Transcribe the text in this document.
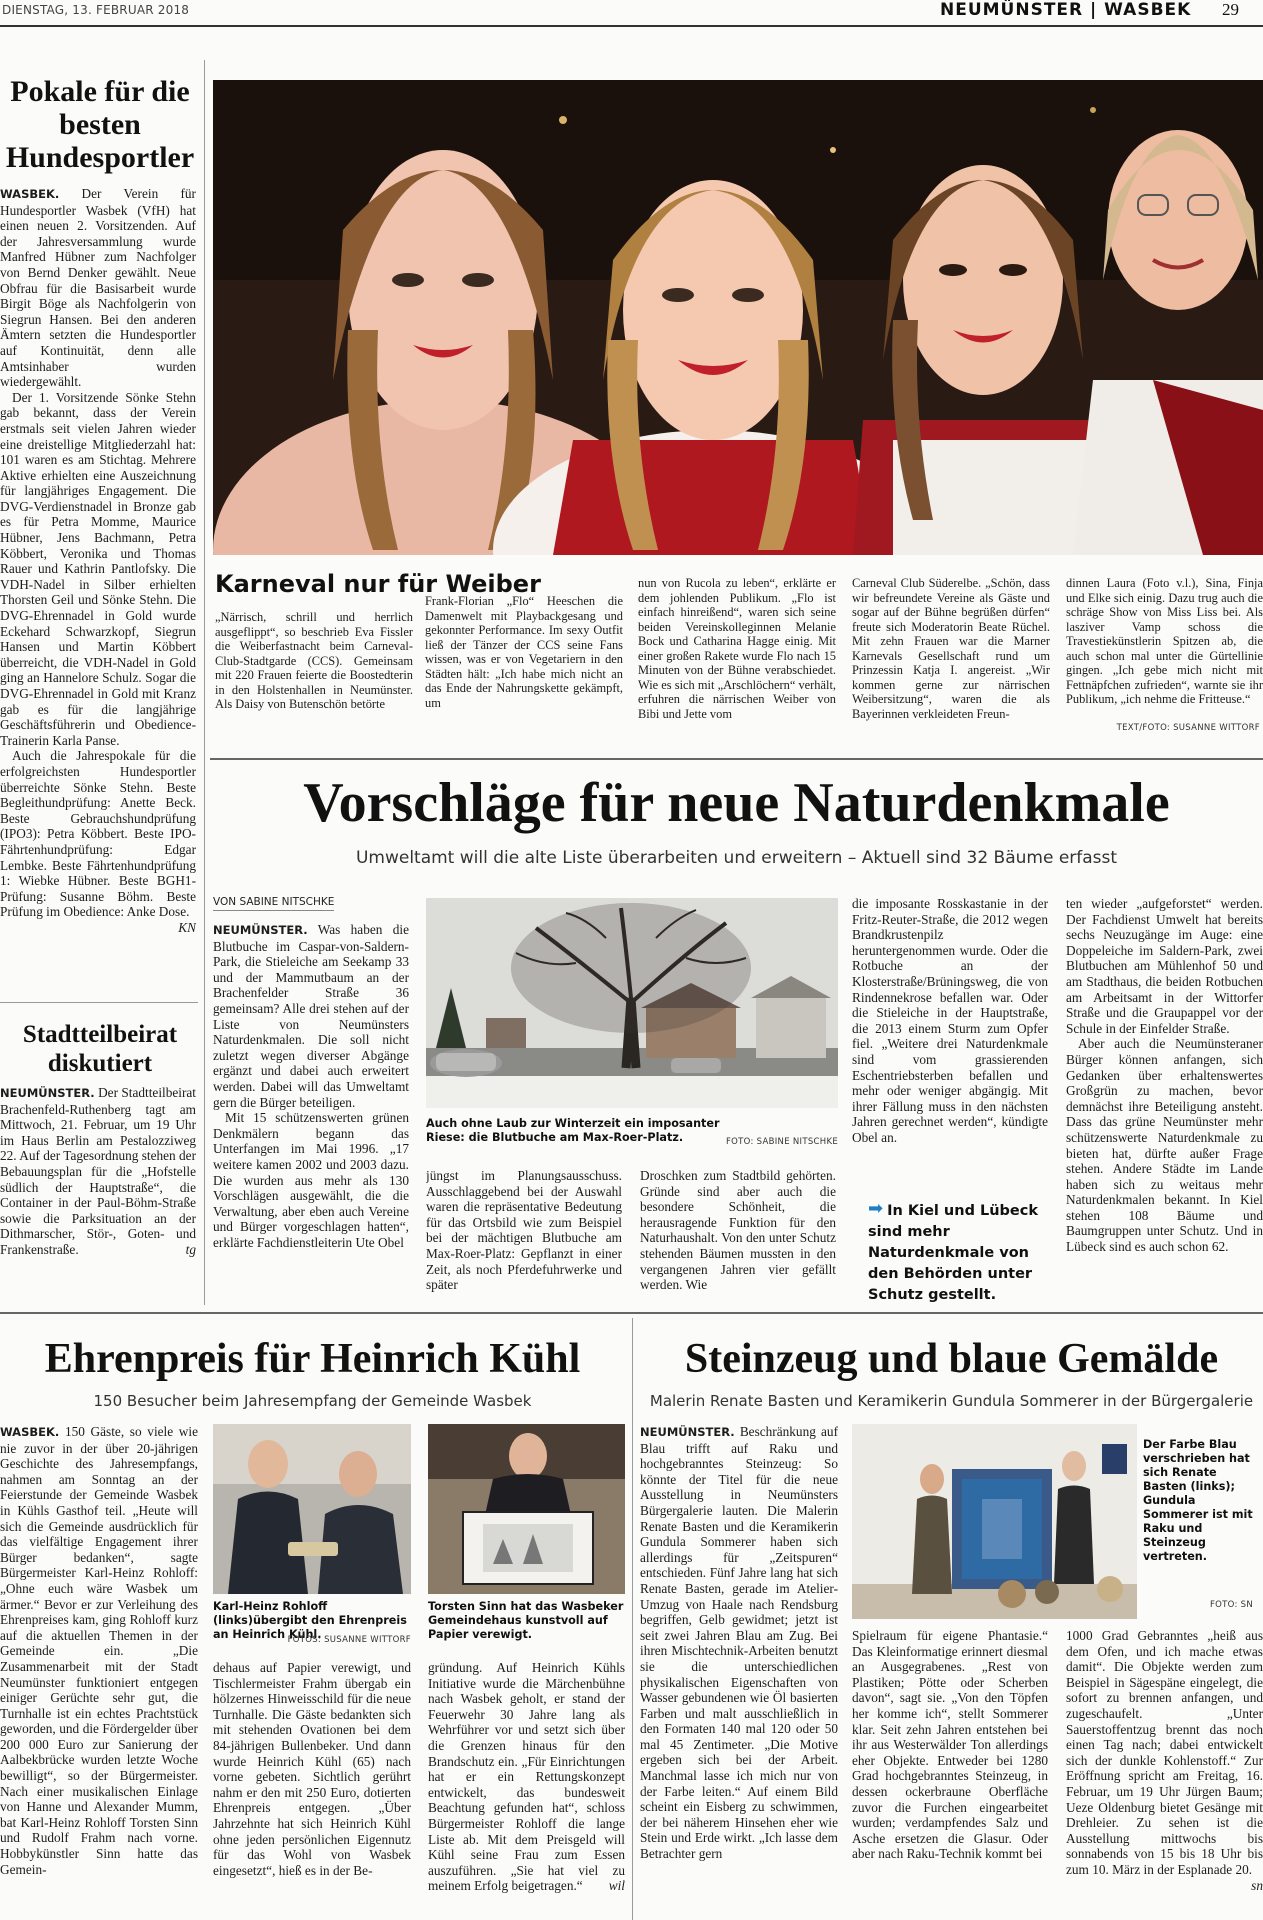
DIENSTAG, 13. FEBRUAR 2018	NEUMÜNSTER | WASBEK 29
Pokale für die besten Hundesportler

WASBEK. Der Verein für Hundesportler Wasbek (VfH) hat einen neuen 2. Vorsitzenden. Auf der Jahresversammlung wurde Manfred Hübner zum Nachfolger von Bernd Denker gewählt. Neue Obfrau für die Basisarbeit wurde Birgit Böge als Nachfolgerin von Siegrun Hansen. Bei den anderen Ämtern setzten die Hundesportler auf Kontinuität, denn alle Amtsinhaber wurden wiedergewählt.

Der 1. Vorsitzende Sönke Stehn gab bekannt, dass der Verein erstmals seit vielen Jahren wieder eine dreistellige Mitgliederzahl hat: 101 waren es am Stichtag. Mehrere Aktive erhielten eine Auszeichnung für langjähriges Engagement. Die DVG-Verdienstnadel in Bronze gab es für Petra Momme, Maurice Hübner, Jens Bachmann, Petra Köbbert, Veronika und Thomas Rauer und Kathrin Pantlofsky. Die VDH-Nadel in Silber erhielten Thorsten Geil und Sönke Stehn. Die DVG-Ehrennadel in Gold wurde Eckehard Schwarzkopf, Siegrun Hansen und Martin Köbbert überreicht, die VDH-Nadel in Gold ging an Hannelore Schulz. Sogar die DVG-Ehrennadel in Gold mit Kranz gab es für die langjährige Geschäftsführerin und Obedience-Trainerin Karla Panse.

Auch die Jahrespokale für die erfolgreichsten Hundesportler überreichte Sönke Stehn. Beste Begleithundprüfung: Anette Beck. Beste Gebrauchshundprüfung (IPO3): Petra Köbbert. Beste IPO-Fährtenhundprüfung: Edgar Lembke. Beste Fährtenhundprüfung 1: Wiebke Hübner. Beste BGH1-Prüfung: Susanne Böhm. Beste Prüfung im Obedience: Anke Dose.
KN

Stadtteilbeirat diskutiert

NEUMÜNSTER. Der Stadtteilbeirat Brachenfeld-Ruthenberg tagt am Mittwoch, 21. Februar, um 19 Uhr im Haus Berlin am Pestalozziweg 22. Auf der Tagesordnung stehen der Bebauungsplan für die „Hofstelle südlich der Hauptstraße“, die Container in der Paul-Böhm-Straße sowie die Parksituation an der Dithmarscher, Stör-, Goten- und Frankenstraße.	tg

Karneval nur für Weiber
„Närrisch, schrill und herrlich ausgeflippt“, so beschrieb Eva Fissler die Weiberfastnacht beim Carneval-Club-Stadtgarde (CCS). Gemeinsam mit 220 Frauen feierte die Boostedterin in den Holstenhallen in Neumünster. Als Daisy von Butenschön betörte
Frank-Florian „Flo“ Heeschen die Damenwelt mit Playbackgesang und gekonnter Performance. Im sexy Outfit ließ der Tänzer der CCS seine Fans wissen, was er von Vegetariern in den Städten hält: „Ich habe mich nicht an das Ende der Nahrungskette gekämpft, um
nun von Rucola zu leben“, erklärte er dem johlenden Publikum. „Flo ist einfach hinreißend“, waren sich seine beiden Vereinskolleginnen Melanie Bock und Catharina Hagge einig. Mit einer großen Rakete wurde Flo nach 15 Minuten von der Bühne verabschiedet. Wie es sich mit „Arschlöchern“ verhält, erfuhren die närrischen Weiber von Bibi und Jette vom
Carneval Club Süderelbe. „Schön, dass wir befreundete Vereine als Gäste und sogar auf der Bühne begrüßen dürfen“ freute sich Moderatorin Beate Rüchel. Mit zehn Frauen war die Marner Karnevals Gesellschaft rund um Prinzessin Katja I. angereist. „Wir kommen gerne zur närrischen Weibersitzung“, waren die als Bayerinnen verkleideten Freun-
dinnen Laura (Foto v.l.), Sina, Finja und Elke sich einig. Dazu trug auch die schräge Show von Miss Liss bei. Als lasziver Vamp schoss die Travestiekünstlerin Spitzen ab, die auch schon mal unter die Gürtellinie gingen. „Ich gebe mich nicht mit Fettnäpfchen zufrieden“, warnte sie ihr Publikum, „ich nehme die Fritteuse.“
TEXT/FOTO: SUSANNE WITTORF
Vorschläge für neue Naturdenkmale
Umweltamt will die alte Liste überarbeiten und erweitern – Aktuell sind 32 Bäume erfasst
VON SABINE NITSCHKE

NEUMÜNSTER. Was haben die Blutbuche im Caspar-von-Saldern-Park, die Stieleiche am Seekamp 33 und der Mammutbaum an der Brachenfelder Straße 36 gemeinsam? Alle drei stehen auf der Liste von Neumünsters Naturdenkmalen. Die soll nicht zuletzt wegen diverser Abgänge ergänzt und dabei auch erweitert werden. Dabei will das Umweltamt gern die Bürger beteiligen.

Mit 15 schützenswerten grünen Denkmälern begann das Unterfangen im Mai 1996. „17 weitere kamen 2002 und 2003 dazu. Die wurden aus mehr als 130 Vorschlägen ausgewählt, die die Verwaltung, aber eben auch Vereine und Bürger vorgeschlagen hatten“, erklärte Fachdienstleiterin Ute Obel

Auch ohne Laub zur Winterzeit ein imposanter Riese: die Blutbuche am Max-Roer-Platz.	FOTO: SABINE NITSCHKE
jüngst im Planungsausschuss. Ausschlaggebend bei der Auswahl waren die repräsentative Bedeutung für das Ortsbild wie zum Beispiel bei der mächtigen Blutbuche am Max-Roer-Platz: Gepflanzt in einer Zeit, als noch Pferdefuhrwerke und später
Droschken zum Stadtbild gehörten. Gründe sind aber auch die besondere Schönheit, die herausragende Funktion für den Naturhaushalt. Von den unter Schutz stehenden Bäumen mussten in den vergangenen Jahren vier gefällt werden. Wie
die imposante Rosskastanie in der Fritz-Reuter-Straße, die 2012 wegen Brandkrustenpilz heruntergenommen wurde. Oder die Rotbuche an der Klosterstraße/Brüningsweg, die von Rindennekrose befallen war. Oder die Stieleiche in der Hauptstraße, die 2013 einem Sturm zum Opfer fiel. „Weitere drei Naturdenkmale sind vom grassierenden Eschentriebsterben befallen und mehr oder weniger abgängig. Mit ihrer Fällung muss in den nächsten Jahren gerechnet werden“, kündigte Obel an.
➡ In Kiel und Lübeck sind mehr Naturdenkmale von den Behörden unter Schutz gestellt.

ten wieder „aufgeforstet“ werden. Der Fachdienst Umwelt hat bereits sechs Neuzugänge im Auge: eine Doppeleiche im Saldern-Park, zwei Blutbuchen am Mühlenhof 50 und am Stadthaus, die beiden Rotbuchen am Arbeitsamt in der Wittorfer Straße und die Graupappel vor der Schule in der Einfelder Straße.

Aber auch die Neumünsteraner Bürger können anfangen, sich Gedanken über erhaltenswertes Großgrün zu machen, bevor demnächst ihre Beteiligung ansteht. Dass das grüne Neumünster mehr schützenswerte Naturdenkmale zu bieten hat, dürfte außer Frage stehen. Andere Städte im Lande haben sich zu weitaus mehr Naturdenkmalen bekannt. In Kiel stehen 108 Bäume und Baumgruppen unter Schutz. Und in Lübeck sind es auch schon 62.

Ehrenpreis für Heinrich Kühl
150 Besucher beim Jahresempfang der Gemeinde Wasbek
WASBEK. 150 Gäste, so viele wie nie zuvor in der über 20-jährigen Geschichte des Jahresempfangs, nahmen am Sonntag an der Feierstunde der Gemeinde Wasbek in Kühls Gasthof teil. „Heute will sich die Gemeinde ausdrücklich für das vielfältige Engagement ihrer Bürger bedanken“, sagte Bürgermeister Karl-Heinz Rohloff: „Ohne euch wäre Wasbek um ärmer.“ Bevor er zur Verleihung des Ehrenpreises kam, ging Rohloff kurz auf die aktuellen Themen in der Gemeinde ein. „Die Zusammenarbeit mit der Stadt Neumünster funktioniert entgegen einiger Gerüchte sehr gut, die Turnhalle ist ein echtes Prachtstück geworden, und die Fördergelder über 200 000 Euro zur Sanierung der Aalbekbrücke wurden letzte Woche bewilligt“, so der Bürgermeister. Nach einer musikalischen Einlage von Hanne und Alexander Mumm, bat Karl-Heinz Rohloff Torsten Sinn und Rudolf Frahm nach vorne. Hobbykünstler Sinn hatte das Gemein-
Karl-Heinz Rohloff (links)übergibt den Ehrenpreis an Heinrich Kühl.
FOTOS: SUSANNE WITTORF
Torsten Sinn hat das Wasbeker Gemeindehaus kunstvoll auf Papier verewigt.
dehaus auf Papier verewigt, und Tischlermeister Frahm übergab ein hölzernes Hinweisschild für die neue Turnhalle. Die Gäste bedankten sich mit stehenden Ovationen bei dem 84-jährigen Bullenbeker. Und dann wurde Heinrich Kühl (65) nach vorne gebeten. Sichtlich gerührt nahm er den mit 250 Euro, dotierten Ehrenpreis entgegen. „Über Jahrzehnte hat sich Heinrich Kühl ohne jeden persönlichen Eigennutz für das Wohl von Wasbek eingesetzt“, hieß es in der Be-
gründung. Auf Heinrich Kühls Initiative wurde die Märchenbühne nach Wasbek geholt, er stand der Feuerwehr 30 Jahre lang als Wehrführer vor und setzt sich über die Grenzen hinaus für den Brandschutz ein. „Für Einrichtungen hat er ein Rettungskonzept entwickelt, das bundesweit Beachtung gefunden hat“, schloss Bürgermeister Rohloff die lange Liste ab. Mit dem Preisgeld will Kühl seine Frau zum Essen auszuführen. „Sie hat viel zu meinem Erfolg beigetragen.“ wil
Steinzeug und blaue Gemälde
Malerin Renate Basten und Keramikerin Gundula Sommerer in der Bürgergalerie
NEUMÜNSTER. Beschränkung auf Blau trifft auf Raku und hochgebranntes Steinzeug: So könnte der Titel für die neue Ausstellung in Neumünsters Bürgergalerie lauten. Die Malerin Renate Basten und die Keramikerin Gundula Sommerer haben sich allerdings für „Zeitspuren“ entschieden. Fünf Jahre lang hat sich Renate Basten, gerade im Atelier-Umzug von Haale nach Rendsburg begriffen, Gelb gewidmet; jetzt ist seit zwei Jahren Blau am Zug. Bei ihren Mischtechnik-Arbeiten benutzt sie die unterschiedlichen physikalischen Eigenschaften von Wasser gebundenen wie Öl basierten Farben und malt ausschließlich in den Formaten 140 mal 120 oder 50 mal 45 Zentimeter. „Die Motive ergeben sich bei der Arbeit. Manchmal lasse ich mich nur von der Farbe leiten.“ Auf einem Bild scheint ein Eisberg zu schwimmen, der bei näherem Hinsehen eher wie Stein und Erde wirkt. „Ich lasse dem Betrachter gern
Der Farbe Blau verschrieben hat sich Renate Basten (links); Gundula Sommerer ist mit Raku und Steinzeug vertreten.
FOTO: SN
Spielraum für eigene Phantasie.“ Das Kleinformatige erinnert diesmal an Ausgegrabenes. „Rest von Plastiken; Pötte oder Scherben davon“, sagt sie. „Von den Töpfen her komme ich“, stellt Sommerer klar. Seit zehn Jahren entstehen bei ihr aus Westerwälder Ton allerdings eher Objekte. Entweder bei 1280 Grad hochgebranntes Steinzeug, in dessen ockerbraune Oberfläche zuvor die Furchen eingearbeitet wurden; verdampfendes Salz und Asche ersetzen die Glasur. Oder aber nach Raku-Technik kommt bei
1000 Grad Gebranntes „heiß aus dem Ofen, und ich mache etwas damit“. Die Objekte werden zum Beispiel in Sägespäne eingelegt, die sofort zu brennen anfangen, und zugeschaufelt. „Unter Sauerstoffentzug brennt das noch einen Tag nach; dabei entwickelt sich der dunkle Kohlenstoff.“ Zur Eröffnung spricht am Freitag, 16. Februar, um 19 Uhr Jürgen Baum; Ueze Oldenburg bietet Gesänge mit Drehleier. Zu sehen ist die Ausstellung mittwochs bis sonnabends von 15 bis 18 Uhr bis zum 10. März in der Esplanade 20.
sn
